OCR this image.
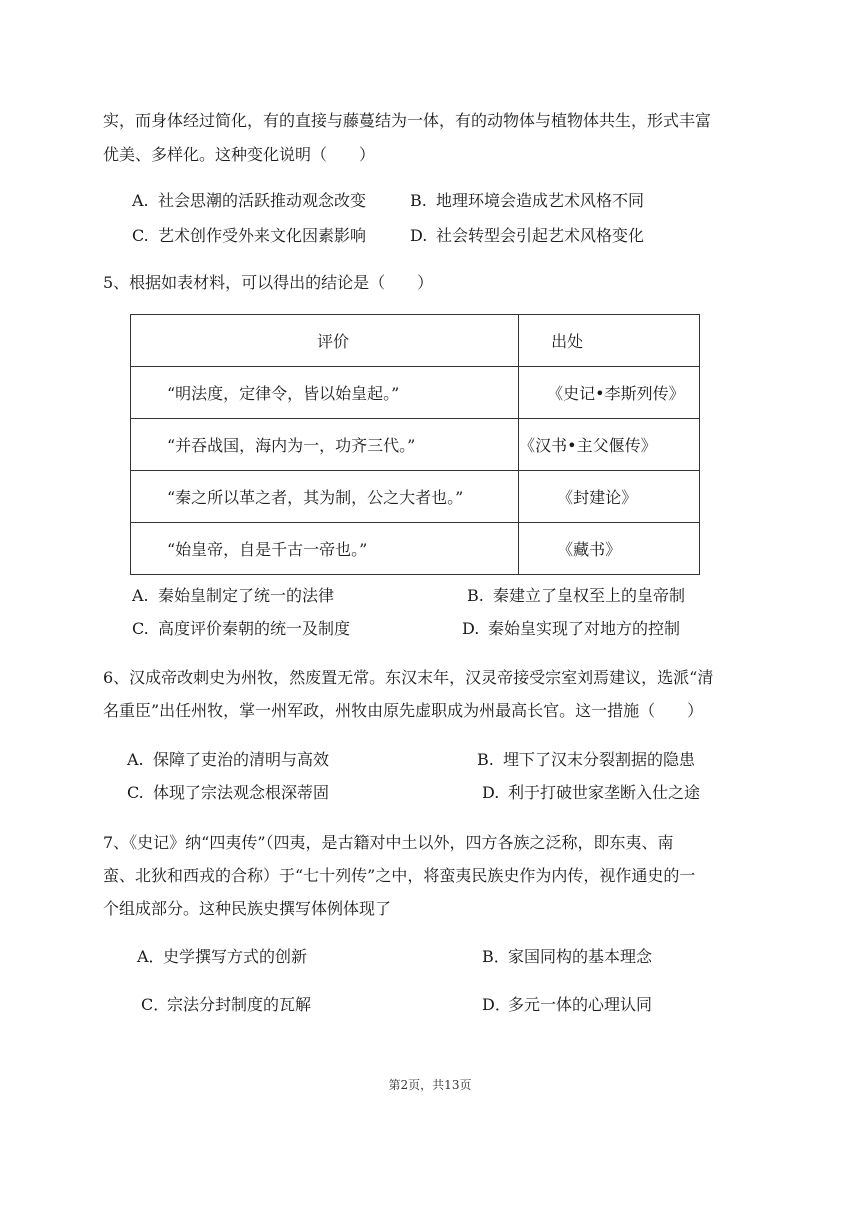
实，而身体经过简化，有的直接与藤蔓结为一体，有的动物体与植物体共生，形式丰富
优美、多样化。这种变化说明（　　）
A. 社会思潮的活跃推动观念改变	B. 地理环境会造成艺术风格不同
C. 艺术创作受外来文化因素影响	D. 社会转型会引起艺术风格变化
5、根据如表材料，可以得出的结论是（　　）
评价	出处
“明法度，定律令，皆以始皇起。”	《史记•李斯列传》
“并吞战国，海内为一，功齐三代。”	《汉书•主父偃传》
“秦之所以革之者，其为制，公之大者也。”	《封建论》
“始皇帝，自是千古一帝也。”	《藏书》
A. 秦始皇制定了统一的法律	B. 秦建立了皇权至上的皇帝制
C. 高度评价秦朝的统一及制度	D. 秦始皇实现了对地方的控制
6、汉成帝改刺史为州牧，然废置无常。东汉末年，汉灵帝接受宗室刘焉建议，选派“清
名重臣”出任州牧，掌一州军政，州牧由原先虚职成为州最高长官。这一措施（　　）
A. 保障了吏治的清明与高效	B. 埋下了汉末分裂割据的隐患
C. 体现了宗法观念根深蒂固	D. 利于打破世家垄断入仕之途
7、《史记》纳“四夷传”（四夷，是古籍对中土以外，四方各族之泛称，即东夷、南
蛮、北狄和西戎的合称）于“七十列传”之中，将蛮夷民族史作为内传，视作通史的一
个组成部分。这种民族史撰写体例体现了
A．史学撰写方式的创新	B．家国同构的基本理念
C．宗法分封制度的瓦解	D．多元一体的心理认同
第2页，共13页
